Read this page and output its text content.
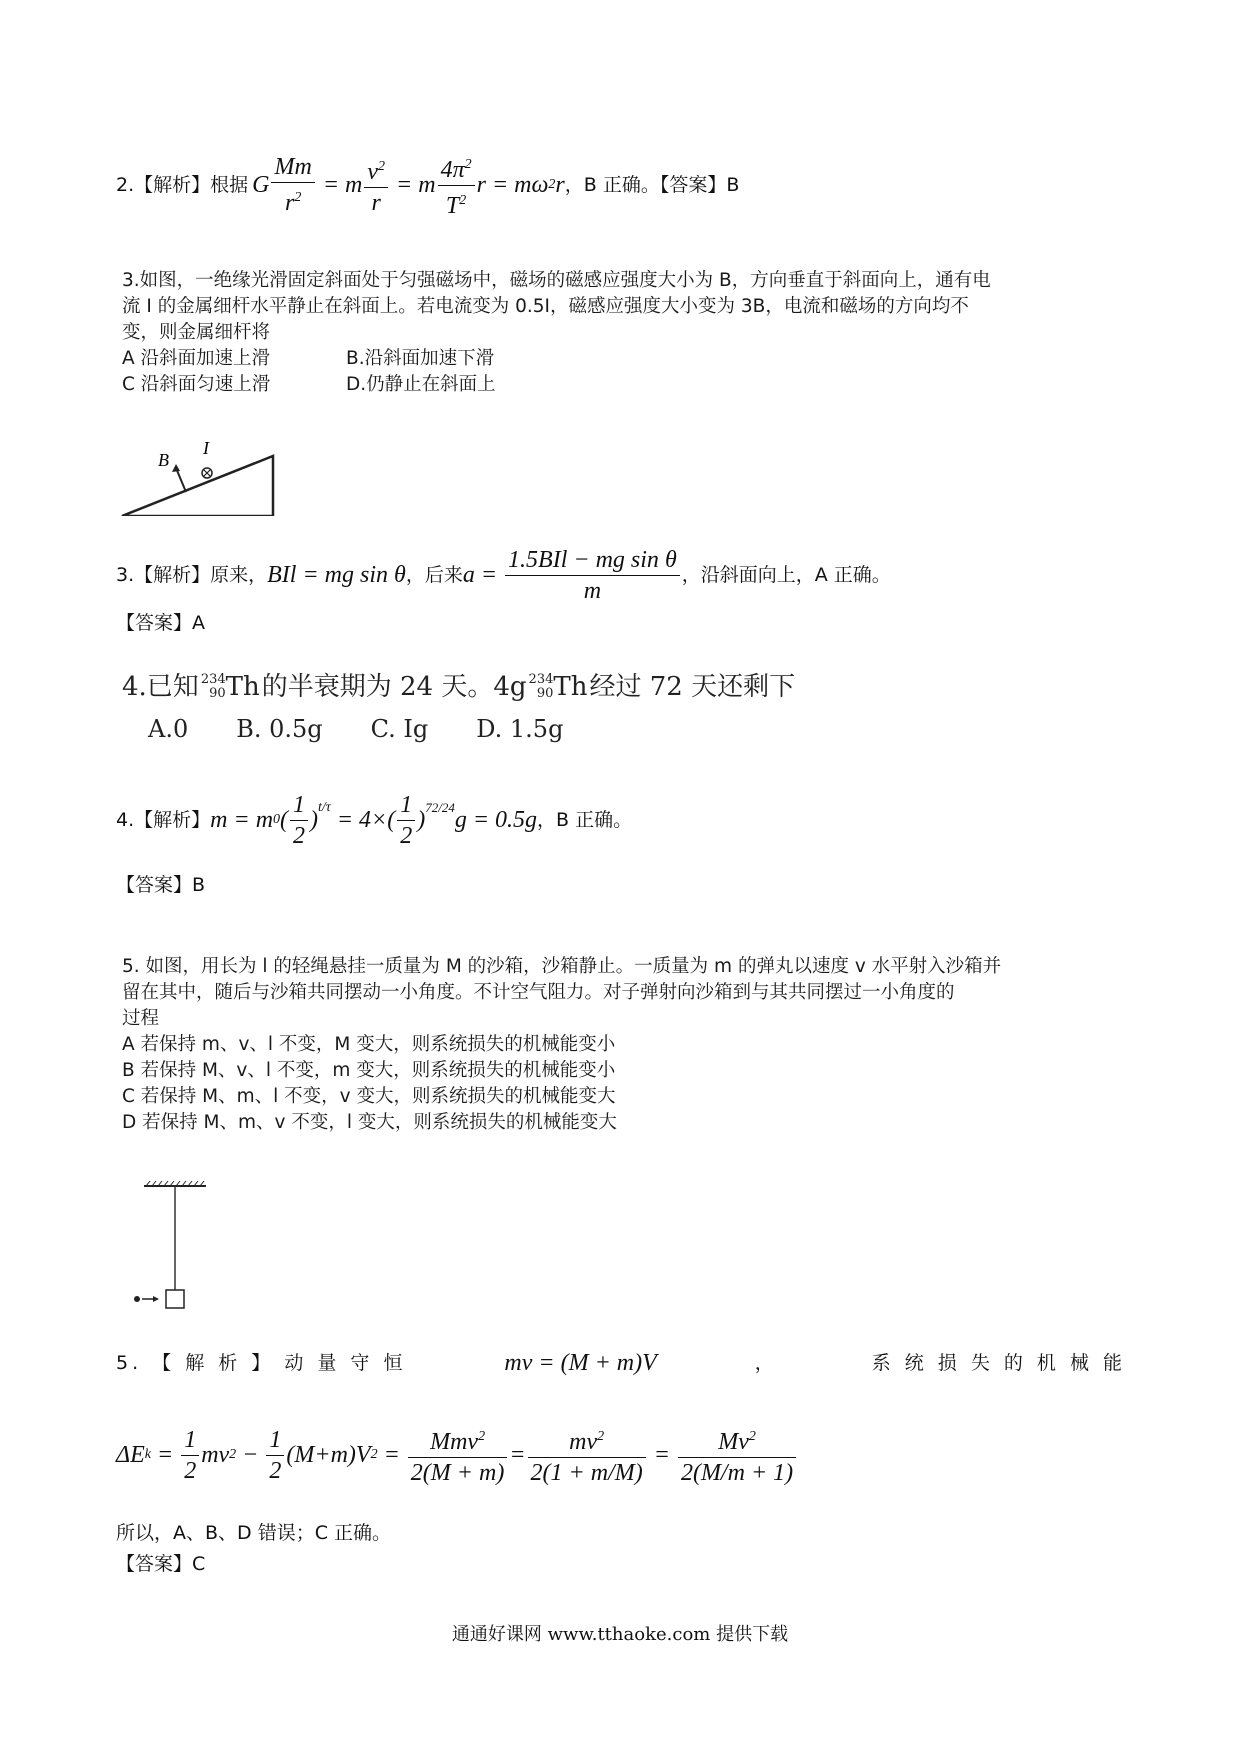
2.【解析】根据 G $\frac{Mm}{r^2} = m \frac{v^2}{r} = m \frac{4\pi^2}{T^2}$ r = mω 2 r ，B 正确。【答案】B
3.如图，一绝缘光滑固定斜面处于匀强磁场中，磁场的磁感应强度大小为 B，方向垂直于斜面向上，通有电
流 I 的金属细杆水平静止在斜面上。若电流变为 0.5I，磁感应强度大小变为 3B，电流和磁场的方向均不
变，则金属细杆将
A 沿斜面加速上滑	B.沿斜面加速下滑
C 沿斜面匀速上滑	D.仍静止在斜面上
B
I
3.【解析】原来， BIl = mg sin θ ，后来 $a = \frac{\text{1.5BIl − mg sin θ}}{m}$ ，沿斜面向上，A 正确。
【答案】A
4.已知 234
90 Th 的半衰期为 24 天。4g 234
90 Th 经过 72 天还剩下
A.0　　B. 0.5g　　C. Ig　　D. 1.5g
4.【解析】 m = m 0 ( $\frac{1}{2} )^{t/\tau} = 4\times( \frac{1}{2} )^{72/24}$ g = 0.5 g ，B 正确。
【答案】B
5. 如图，用长为 l 的轻绳悬挂一质量为 M 的沙箱，沙箱静止。一质量为 m 的弹丸以速度 v 水平射入沙箱并
留在其中，随后与沙箱共同摆动一小角度。不计空气阻力。对子弹射向沙箱到与其共同摆过一小角度的
过程
A 若保持 m、v、l 不变，M 变大，则系统损失的机械能变小
B 若保持 M、v、l 不变，m 变大，则系统损失的机械能变小
C 若保持 M、m、l 不变，v 变大，则系统损失的机械能变大
D 若保持 M、m、v 不变，l 变大，则系统损失的机械能变大
5. 【 解 析 】 动 量 守 恒	mv = (M + m)V	，	系 统 损 失 的 机 械 能
Δ E $k = \frac{1}{2}$ mv $2 - \frac{1}{2}$ ( M + m ) V $2 = \frac{Mmv^2}{2(M + m)} = \frac{mv^2}{2(1 + m/M)} = \frac{Mv^2}{2(M/m + 1)}$
所以，A、B、D 错误；C 正确。
【答案】C
通通好课网 www.tthaoke.com 提供下载
